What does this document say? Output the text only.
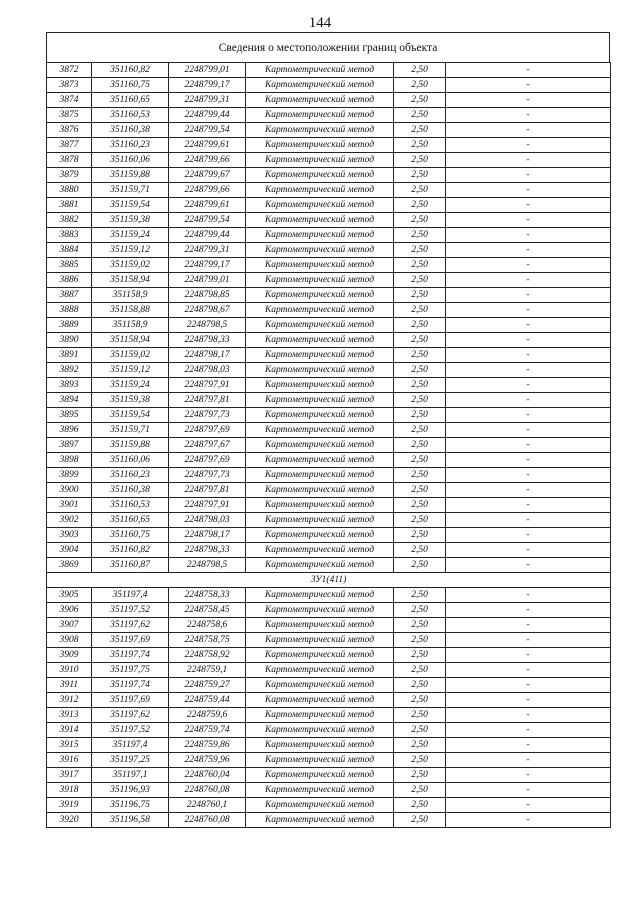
144
Сведения о местоположении границ объекта
3872	351160,82	2248799,01	Картометрический метод	2,50	-
3873	351160,75	2248799,17	Картометрический метод	2,50	-
3874	351160,65	2248799,31	Картометрический метод	2,50	-
3875	351160,53	2248799,44	Картометрический метод	2,50	-
3876	351160,38	2248799,54	Картометрический метод	2,50	-
3877	351160,23	2248799,61	Картометрический метод	2,50	-
3878	351160,06	2248799,66	Картометрический метод	2,50	-
3879	351159,88	2248799,67	Картометрический метод	2,50	-
3880	351159,71	2248799,66	Картометрический метод	2,50	-
3881	351159,54	2248799,61	Картометрический метод	2,50	-
3882	351159,38	2248799,54	Картометрический метод	2,50	-
3883	351159,24	2248799,44	Картометрический метод	2,50	-
3884	351159,12	2248799,31	Картометрический метод	2,50	-
3885	351159,02	2248799,17	Картометрический метод	2,50	-
3886	351158,94	2248799,01	Картометрический метод	2,50	-
3887	351158,9	2248798,85	Картометрический метод	2,50	-
3888	351158,88	2248798,67	Картометрический метод	2,50	-
3889	351158,9	2248798,5	Картометрический метод	2,50	-
3890	351158,94	2248798,33	Картометрический метод	2,50	-
3891	351159,02	2248798,17	Картометрический метод	2,50	-
3892	351159,12	2248798,03	Картометрический метод	2,50	-
3893	351159,24	2248797,91	Картометрический метод	2,50	-
3894	351159,38	2248797,81	Картометрический метод	2,50	-
3895	351159,54	2248797,73	Картометрический метод	2,50	-
3896	351159,71	2248797,69	Картометрический метод	2,50	-
3897	351159,88	2248797,67	Картометрический метод	2,50	-
3898	351160,06	2248797,69	Картометрический метод	2,50	-
3899	351160,23	2248797,73	Картометрический метод	2,50	-
3900	351160,38	2248797,81	Картометрический метод	2,50	-
3901	351160,53	2248797,91	Картометрический метод	2,50	-
3902	351160,65	2248798,03	Картометрический метод	2,50	-
3903	351160,75	2248798,17	Картометрический метод	2,50	-
3904	351160,82	2248798,33	Картометрический метод	2,50	-
3869	351160,87	2248798,5	Картометрический метод	2,50	-
ЗУ1(411)					
3905	351197,4	2248758,33	Картометрический метод	2,50	-
3906	351197,52	2248758,45	Картометрический метод	2,50	-
3907	351197,62	2248758,6	Картометрический метод	2,50	-
3908	351197,69	2248758,75	Картометрический метод	2,50	-
3909	351197,74	2248758,92	Картометрический метод	2,50	-
3910	351197,75	2248759,1	Картометрический метод	2,50	-
3911	351197,74	2248759,27	Картометрический метод	2,50	-
3912	351197,69	2248759,44	Картометрический метод	2,50	-
3913	351197,62	2248759,6	Картометрический метод	2,50	-
3914	351197,52	2248759,74	Картометрический метод	2,50	-
3915	351197,4	2248759,86	Картометрический метод	2,50	-
3916	351197,25	2248759,96	Картометрический метод	2,50	-
3917	351197,1	2248760,04	Картометрический метод	2,50	-
3918	351196,93	2248760,08	Картометрический метод	2,50	-
3919	351196,75	2248760,1	Картометрический метод	2,50	-
3920	351196,58	2248760,08	Картометрический метод	2,50	-
